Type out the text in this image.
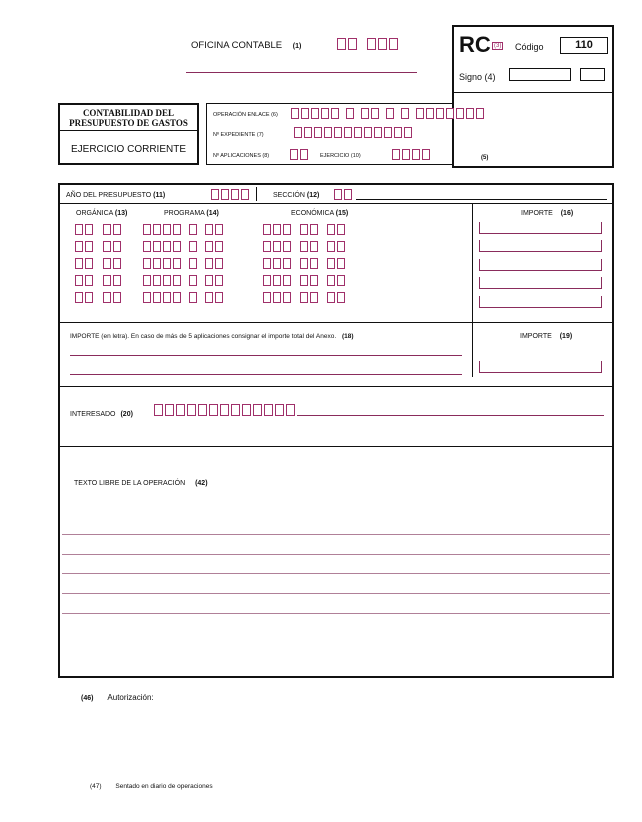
OFICINA CONTABLE (1)	RC (3) Código	110
Signo (4)
CONTABILIDAD DEL
PRESUPUESTO DE GASTOS
EJERCICIO CORRIENTE
OPERACIÓN ENLACE (6)
Nº EXPEDIENTE (7)
Nº APLICACIONES (8)	EJERCICIO (10)	(5)
AÑO DEL PRESUPUESTO (11)	SECCIÓN (12)
ORGÁNICA (13)	PROGRAMA (14)	ECONÓMICA (15)	IMPORTE (16)
IMPORTE (en letra). En caso de más de 5 aplicaciones consignar el importe total del Anexo. (18)	IMPORTE (19)
INTERESADO (20)
TEXTO LIBRE DE LA OPERACIÓN (42)
(46) Autorización:
(47) Sentado en diario de operaciones
